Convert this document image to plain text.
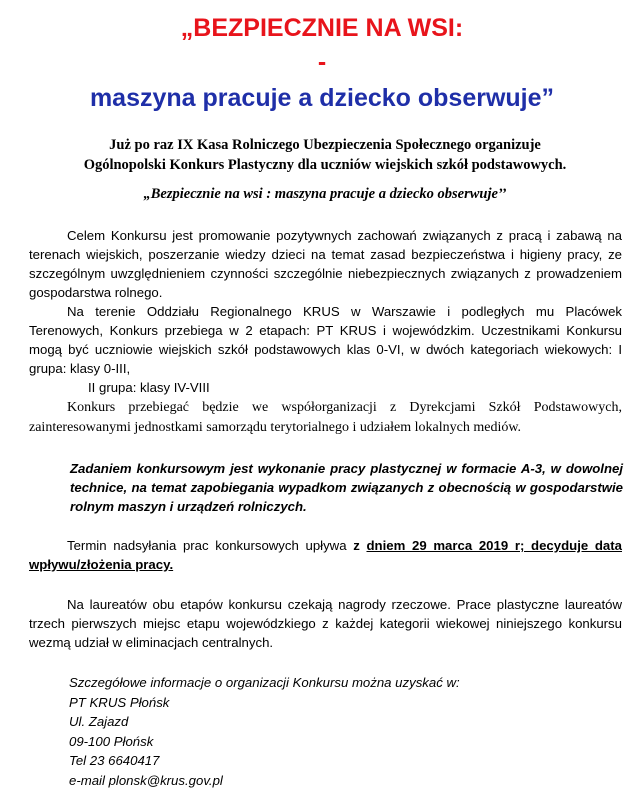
„BEZPIECZNIE NA WSI:
-
maszyna pracuje a dziecko obserwuje”
Już po raz IX Kasa Rolniczego Ubezpieczenia Społecznego organizuje
Ogólnopolski Konkurs Plastyczny dla uczniów wiejskich szkół podstawowych.
„Bezpiecznie na wsi : maszyna pracuje a dziecko obserwuje’’

Celem Konkursu jest promowanie pozytywnych zachowań związanych z pracą i zabawą na terenach wiejskich, poszerzanie wiedzy dzieci na temat zasad bezpieczeństwa i higieny pracy, ze szczególnym uwzględnieniem czynności szczególnie niebezpiecznych związanych z prowadzeniem gospodarstwa rolnego.

Na terenie Oddziału Regionalnego KRUS w Warszawie i podległych mu Placówek Terenowych, Konkurs przebiega w 2 etapach: PT KRUS i wojewódzkim. Uczestnikami Konkursu mogą być uczniowie wiejskich szkół podstawowych klas 0-VI, w dwóch kategoriach wiekowych: I grupa: klasy 0-III,

II grupa: klasy IV-VIII

Konkurs przebiegać będzie we współorganizacji z Dyrekcjami Szkół Podstawowych, zainteresowanymi jednostkami samorządu terytorialnego i udziałem lokalnych mediów.

Zadaniem konkursowym jest wykonanie pracy plastycznej w formacie A-3, w dowolnej technice, na temat zapobiegania wypadkom związanych z obecnością w gospodarstwie rolnym maszyn i urządzeń rolniczych.

Termin nadsyłania prac konkursowych upływa z dniem 29 marca 2019 r; decyduje data wpływu/złożenia pracy.

Na laureatów obu etapów konkursu czekają nagrody rzeczowe. Prace plastyczne laureatów trzech pierwszych miejsc etapu wojewódzkiego z każdej kategorii wiekowej niniejszego konkursu wezmą udział w eliminacjach centralnych.

Szczegółowe informacje o organizacji Konkursu można uzyskać w:
PT KRUS Płońsk
Ul. Zajazd
09-100 Płońsk
Tel 23 6640417
e-mail plonsk@krus.gov.pl
